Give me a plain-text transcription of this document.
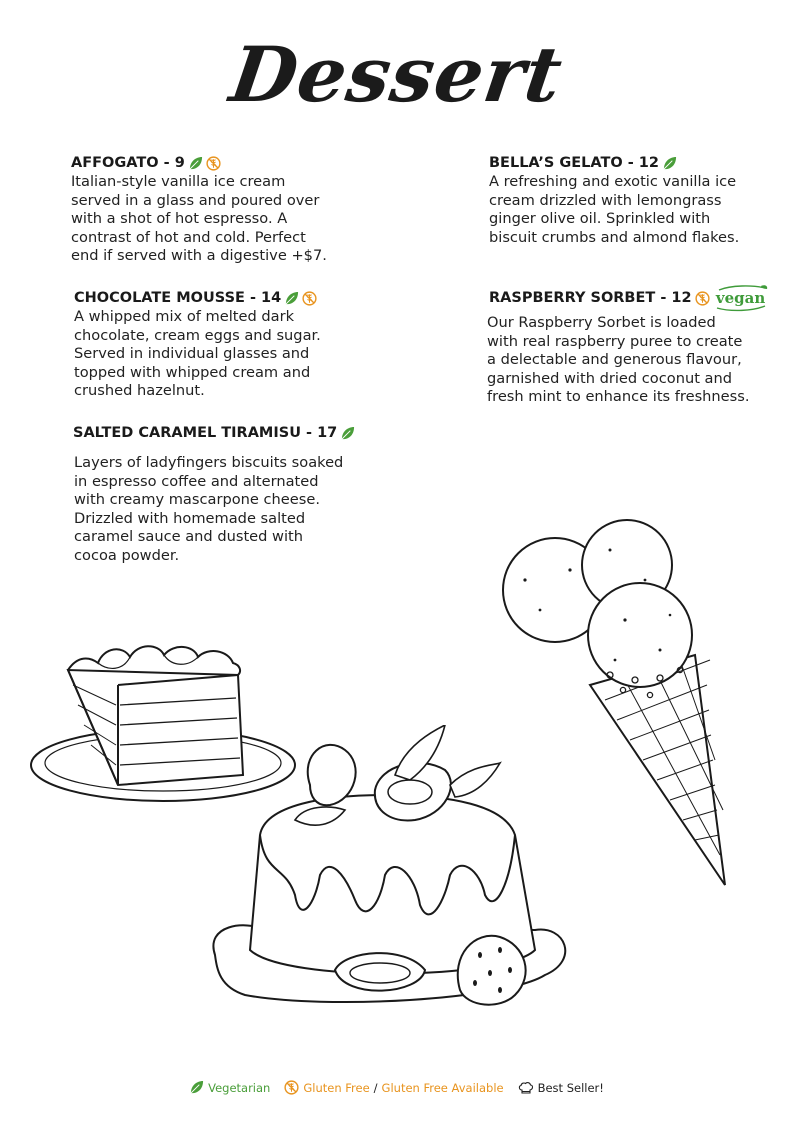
Dessert
AFFOGATO - 9
Italian-style vanilla ice cream
served in a glass and poured over
with a shot of hot espresso. A
contrast of hot and cold. Perfect
end if served with a digestive +$7.
BELLA’S GELATO - 12
A refreshing and exotic vanilla ice
cream drizzled with lemongrass
ginger olive oil. Sprinkled with
biscuit crumbs and almond flakes.
CHOCOLATE MOUSSE - 14
A whipped mix of melted dark
chocolate, cream eggs and sugar.
Served in individual glasses and
topped with whipped cream and
crushed hazelnut.
RASPBERRY SORBET - 12 vegan
Our Raspberry Sorbet is loaded
with real raspberry puree to create
a delectable and generous flavour,
garnished with dried coconut and
fresh mint to enhance its freshness.
SALTED CARAMEL TIRAMISU - 17
Layers of ladyfingers biscuits soaked
in espresso coffee and alternated
with creamy mascarpone cheese.
Drizzled with homemade salted
caramel sauce and dusted with
cocoa powder.
Vegetarian	Gluten Free / Gluten Free Available	Best Seller!
